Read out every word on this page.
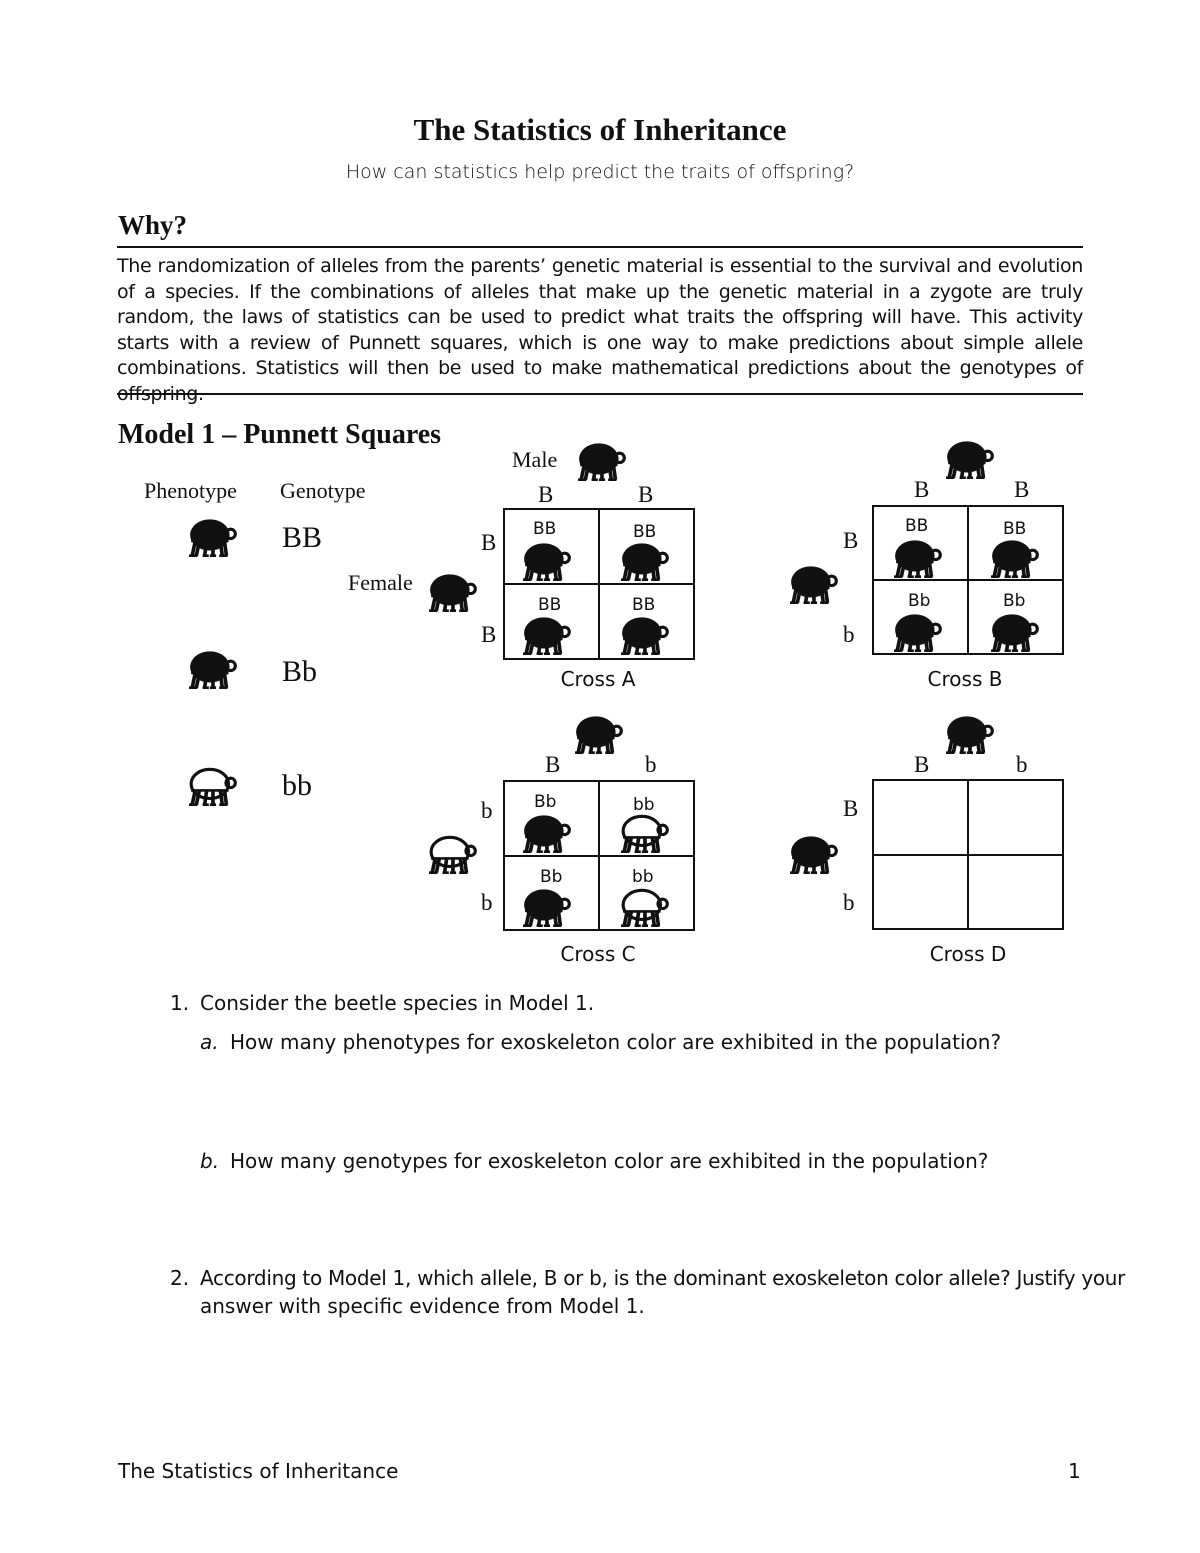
The Statistics of Inheritance
How can statistics help predict the traits of offspring?
Why?
The randomization of alleles from the parents’ genetic material is essential to the survival and evolution of a species. If the combinations of alleles that make up the genetic material in a zygote are truly random, the laws of statistics can be used to predict what traits the offspring will have. This activity starts with a review of Punnett squares, which is one way to make predictions about simple allele combinations. Statistics will then be used to make mathematical predictions about the genotypes of offspring.
Model 1 – Punnett Squares
Phenotype Genotype
BB
Bb
bb
Male
Female
B	B
B
B
BB	BB
BB	BB
Cross A
B	B
B
b
BB	BB
Bb	Bb
Cross B
B	b
b
b
Bb	bb
Bb	bb
Cross C
B	b
B
b
Cross D
1. Consider the beetle species in Model 1.
a. How many phenotypes for exoskeleton color are exhibited in the population?
b. How many genotypes for exoskeleton color are exhibited in the population?
2. According to Model 1, which allele, B or b, is the dominant exoskeleton color allele? Justify your
answer with specific evidence from Model 1.
The Statistics of Inheritance	1
